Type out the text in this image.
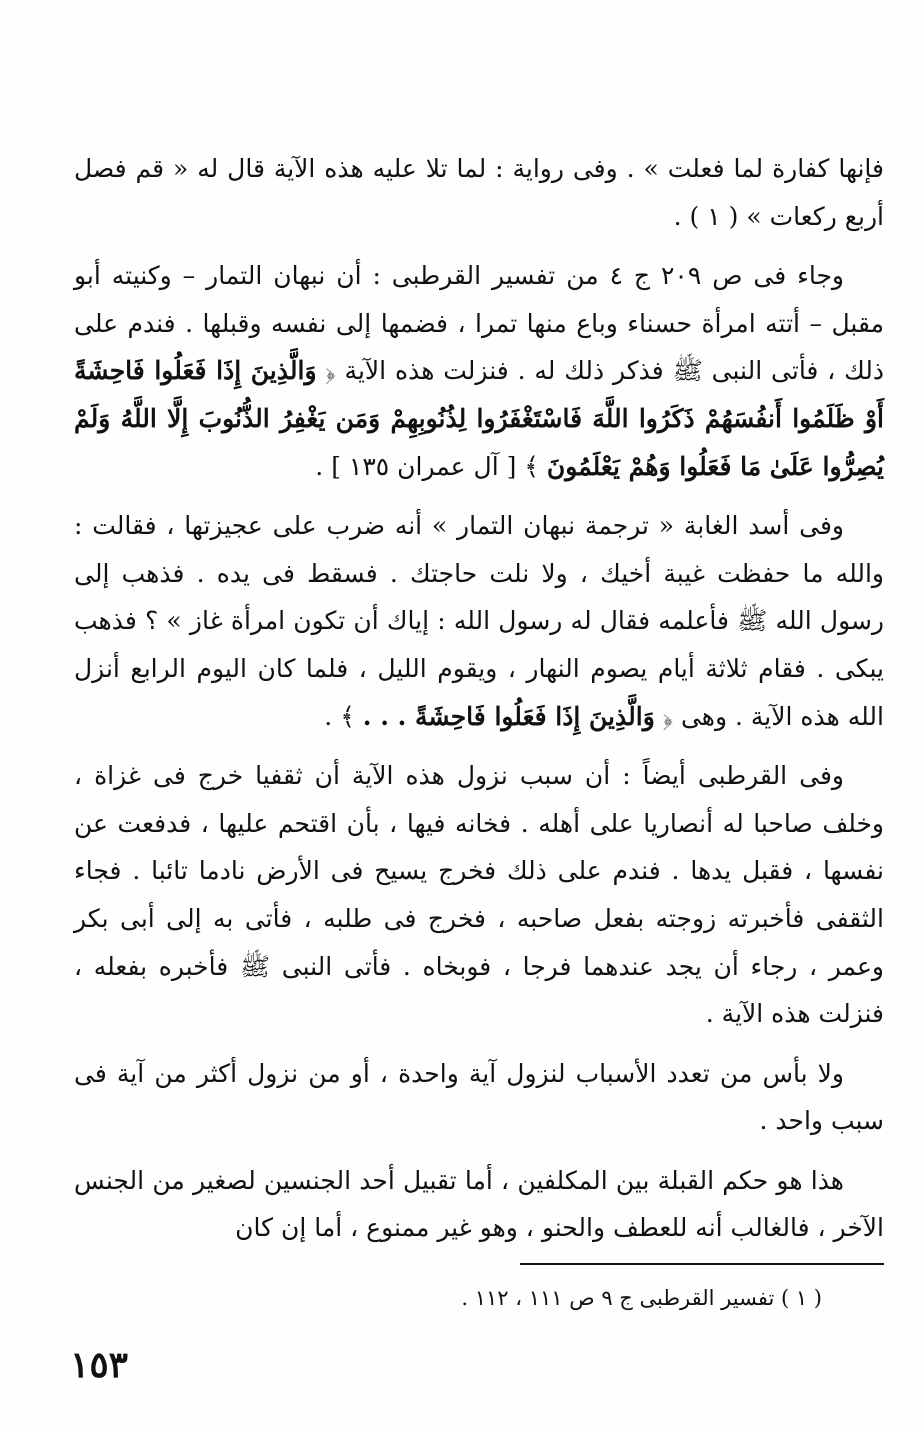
فإنها كفارة لما فعلت » . وفى رواية : لما تلا عليه هذه الآية قال له « قم فصل أربع ركعات » ( ١ ) .

وجاء فى ص ٢٠٩ ج ٤ من تفسير القرطبى : أن نبهان التمار – وكنيته أبو مقبل – أتته امرأة حسناء وباع منها تمرا ، فضمها إلى نفسه وقبلها . فندم على ذلك ، فأتى النبى ﷺ فذكر ذلك له . فنزلت هذه الآية ﴿ وَالَّذِينَ إِذَا فَعَلُوا فَاحِشَةً أَوْ ظَلَمُوا أَنفُسَهُمْ ذَكَرُوا اللَّهَ فَاسْتَغْفَرُوا لِذُنُوبِهِمْ وَمَن يَغْفِرُ الذُّنُوبَ إِلَّا اللَّهُ وَلَمْ يُصِرُّوا عَلَىٰ مَا فَعَلُوا وَهُمْ يَعْلَمُونَ ﴾ [ آل عمران ١٣٥ ] .

وفى أسد الغابة « ترجمة نبهان التمار » أنه ضرب على عجيزتها ، فقالت : والله ما حفظت غيبة أخيك ، ولا نلت حاجتك . فسقط فى يده . فذهب إلى رسول الله ﷺ فأعلمه فقال له رسول الله : إياك أن تكون امرأة غاز » ؟ فذهب يبكى . فقام ثلاثة أيام يصوم النهار ، ويقوم الليل ، فلما كان اليوم الرابع أنزل الله هذه الآية . وهى ﴿ وَالَّذِينَ إِذَا فَعَلُوا فَاحِشَةً . . . ﴾ .

وفى القرطبى أيضاً : أن سبب نزول هذه الآية أن ثقفيا خرج فى غزاة ، وخلف صاحبا له أنصاريا على أهله . فخانه فيها ، بأن اقتحم عليها ، فدفعت عن نفسها ، فقبل يدها . فندم على ذلك فخرج يسيح فى الأرض نادما تائبا . فجاء الثقفى فأخبرته زوجته بفعل صاحبه ، فخرج فى طلبه ، فأتى به إلى أبى بكر وعمر ، رجاء أن يجد عندهما فرجا ، فوبخاه . فأتى النبى ﷺ فأخبره بفعله ، فنزلت هذه الآية .

ولا بأس من تعدد الأسباب لنزول آية واحدة ، أو من نزول أكثر من آية فى سبب واحد .

هذا هو حكم القبلة بين المكلفين ، أما تقبيل أحد الجنسين لصغير من الجنس الآخر ، فالغالب أنه للعطف والحنو ، وهو غير ممنوع ، أما إن كان

( ١ ) تفسير القرطبى ج ٩ ص ١١١ ، ١١٢ .

١٥٣
